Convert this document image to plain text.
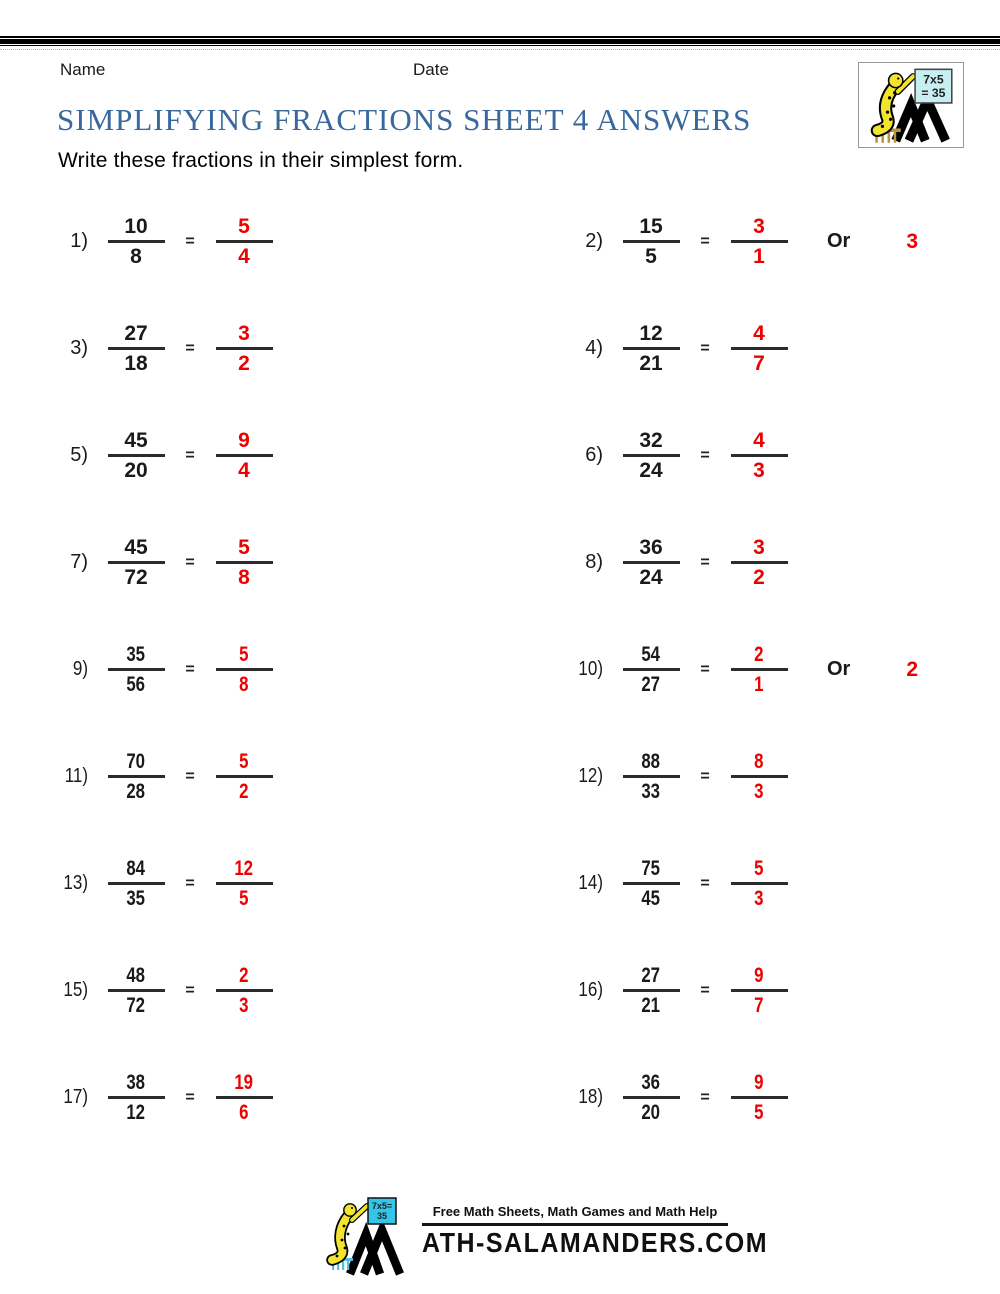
Name	Date
7x5
= 35
SIMPLIFYING FRACTIONS SHEET 4 ANSWERS
Write these fractions in their simplest form.
$1) \frac{10}{8}$	= $\frac{5}{4}$	$2) \frac{15}{5}$	= $\frac{3}{1}$ Or	3
$3) \frac{27}{18}$	= $\frac{3}{2}$	$4) \frac{12}{21}$	= $\frac{4}{7}$
$5) \frac{45}{20}$	= $\frac{9}{4}$	$6) \frac{32}{24}$	= $\frac{4}{3}$
$7) \frac{45}{72}$	= $\frac{5}{8}$	$8) \frac{36}{24}$	= $\frac{3}{2}$
$9) \frac{35}{56}$	= $\frac{5}{8}$	$10) \frac{54}{27}$	= $\frac{2}{1}$ Or	2
$11) \frac{70}{28}$	= $\frac{5}{2}$	$12) \frac{88}{33}$	= $\frac{8}{3}$
$13) \frac{84}{35}$	= $\frac{12}{5}$	$14) \frac{75}{45}$	= $\frac{5}{3}$
$15) \frac{48}{72}$	= $\frac{2}{3}$	$16) \frac{27}{21}$	= $\frac{9}{7}$
$17) \frac{38}{12}$	= $\frac{19}{6}$	$18) \frac{36}{20}$	= $\frac{9}{5}$
7x5=
35	Free Math Sheets, Math Games and Math Help
ATH-SALAMANDERS.COM
